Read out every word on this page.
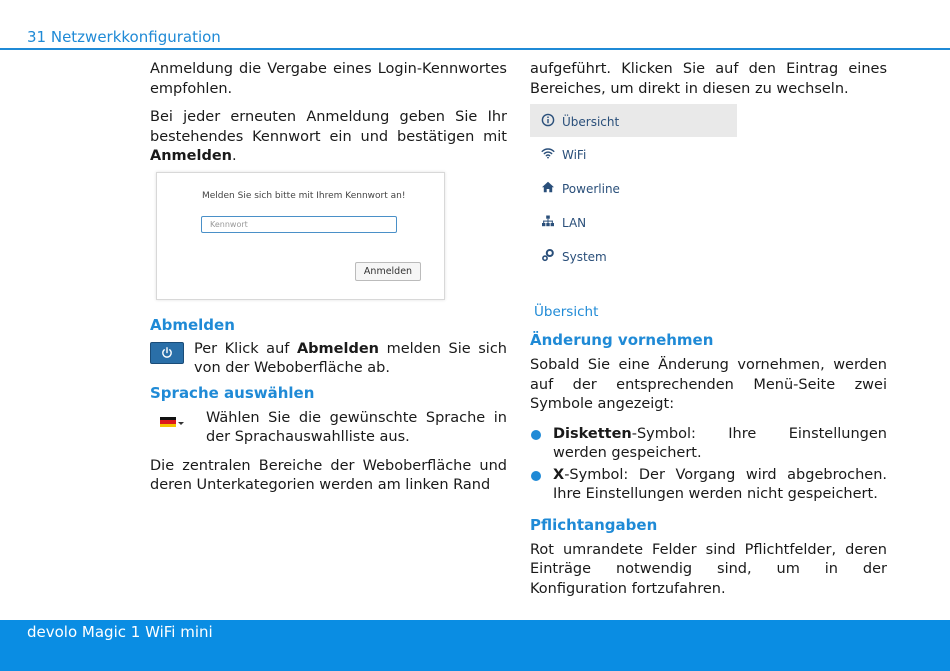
31 Netzwerkkonfiguration

Anmeldung die Vergabe eines Login-Kennwortes empfohlen.

Bei jeder erneuten Anmeldung geben Sie Ihr bestehendes Kennwort ein und bestätigen mit Anmelden.

Melden Sie sich bitte mit Ihrem Kennwort an!
Kennwort
Anmelden
Abmelden

Per Klick auf Abmelden melden Sie sich von der Weboberfläche ab.

Sprache auswählen

Wählen Sie die gewünschte Sprache in der Sprachauswahlliste aus.

Die zentralen Bereiche der Weboberfläche und deren Unterkategorien werden am linken Rand

aufgeführt. Klicken Sie auf den Eintrag eines Bereiches, um direkt in diesen zu wechseln.

Übersicht
WiFi
Powerline
LAN
System
Übersicht
Änderung vornehmen

Sobald Sie eine Änderung vornehmen, werden auf der entsprechenden Menü-Seite zwei Symbole angezeigt:

Disketten-Symbol: Ihre Einstellungen werden gespeichert.
X-Symbol: Der Vorgang wird abgebrochen. Ihre Einstellungen werden nicht gespeichert.
Pflichtangaben

Rot umrandete Felder sind Pflichtfelder, deren Einträge notwendig sind, um in der Konfiguration fortzufahren.

devolo Magic 1 WiFi mini
